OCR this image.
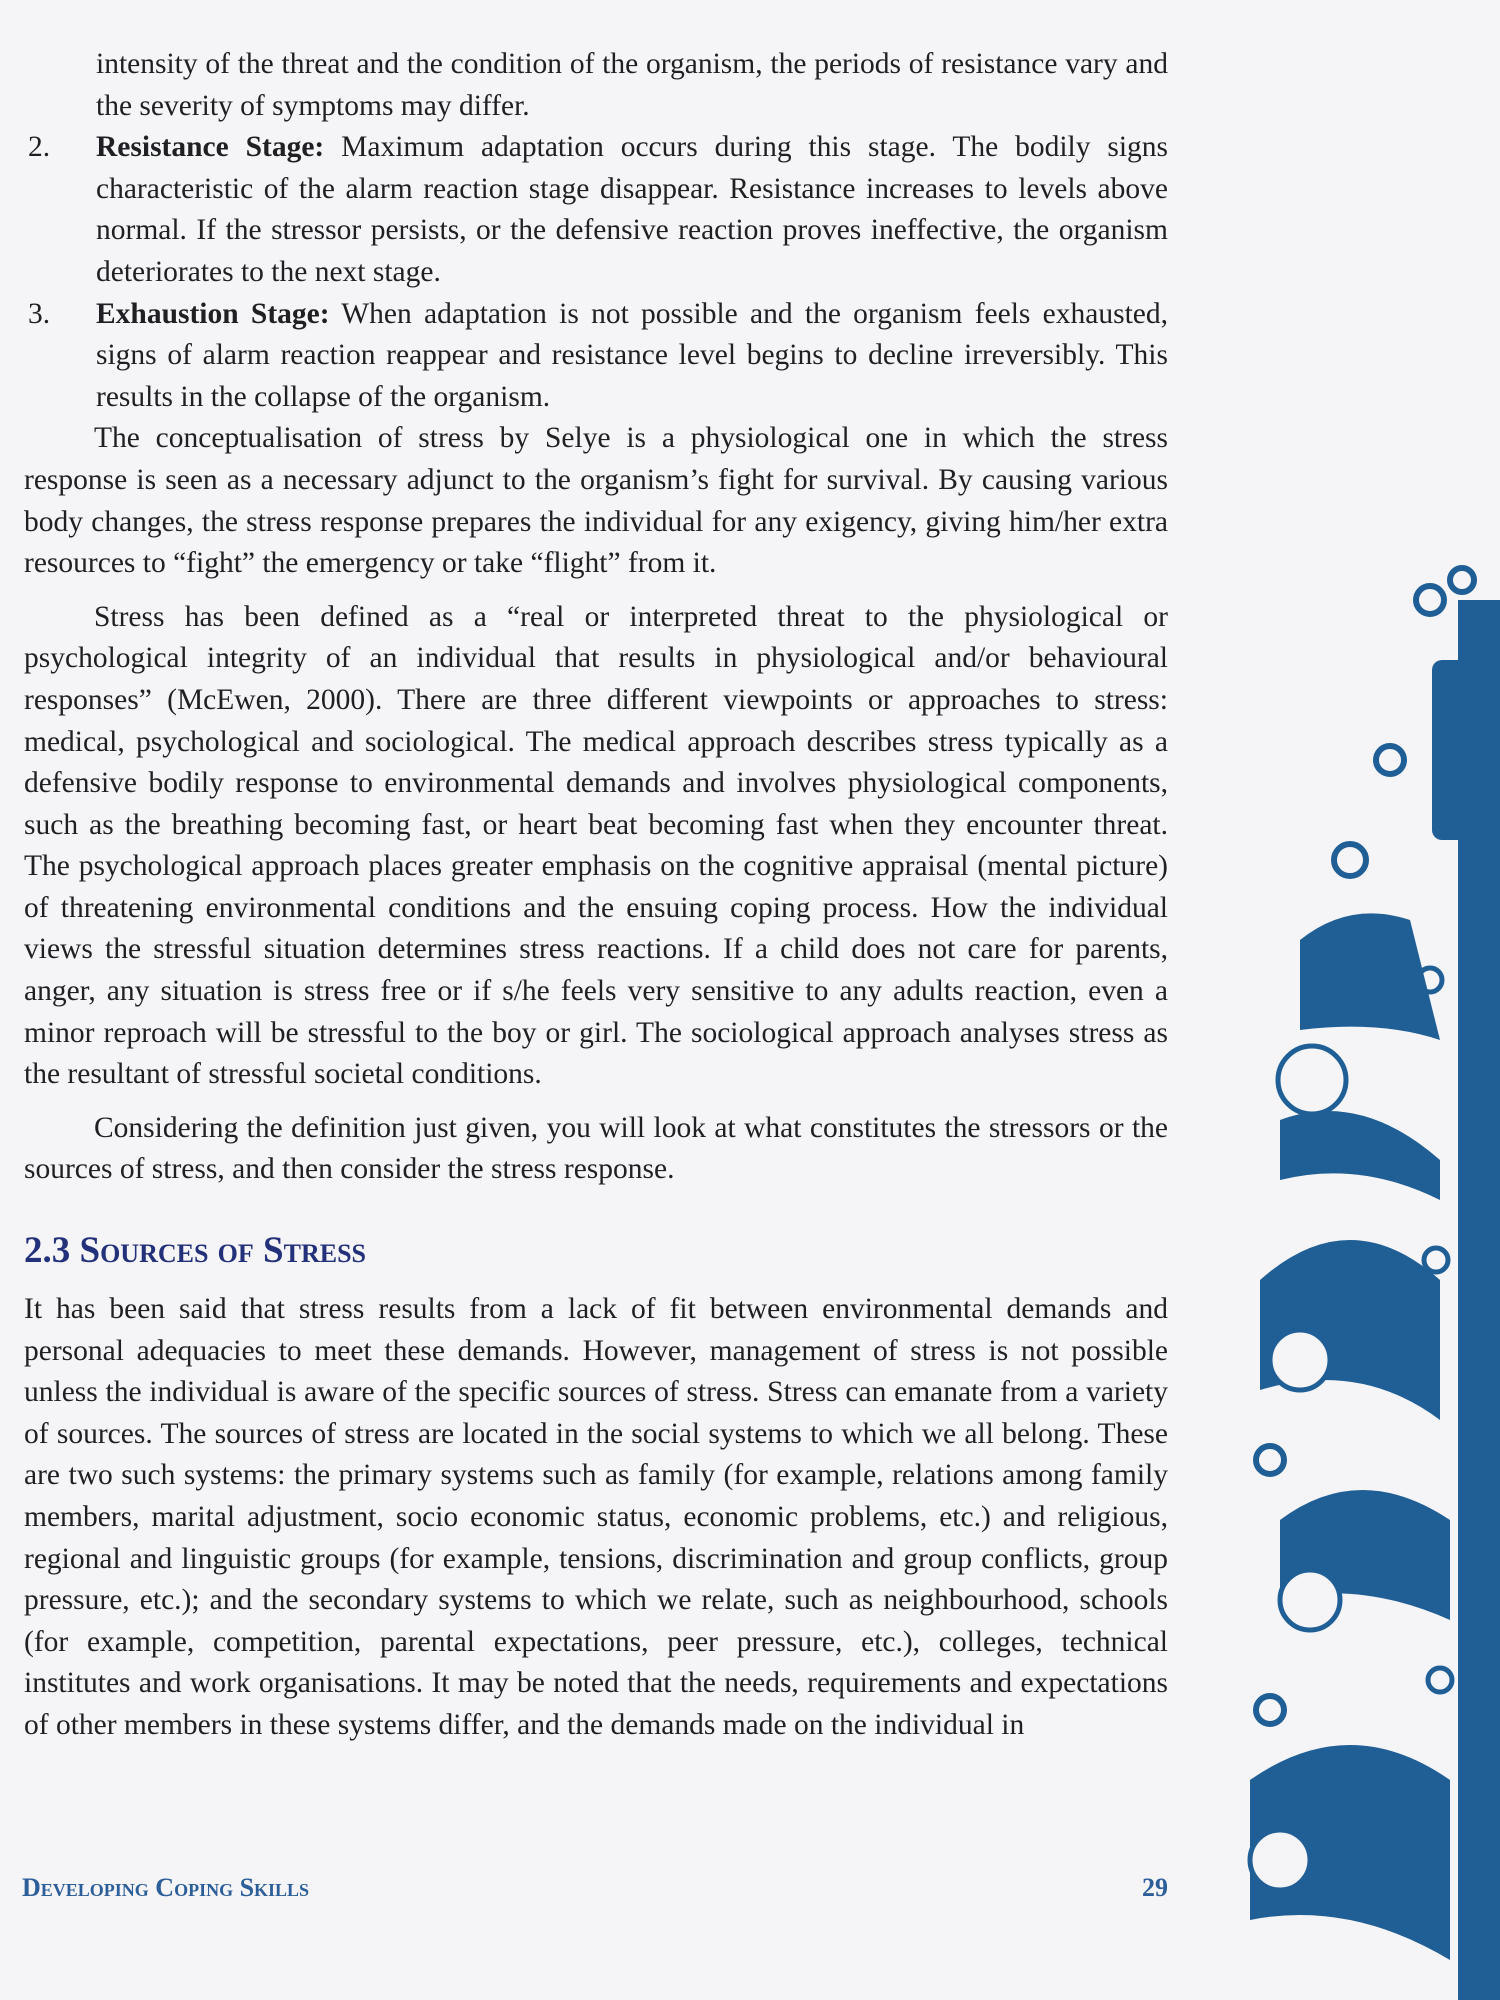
intensity of the threat and the condition of the organism, the periods of resistance vary and the severity of symptoms may differ.

2. Resistance Stage: Maximum adaptation occurs during this stage. The bodily signs characteristic of the alarm reaction stage disappear. Resistance increases to levels above normal. If the stressor persists, or the defensive reaction proves ineffective, the organism deteriorates to the next stage.

3. Exhaustion Stage: When adaptation is not possible and the organism feels exhausted, signs of alarm reaction reappear and resistance level begins to decline irreversibly. This results in the collapse of the organism.

The conceptualisation of stress by Selye is a physiological one in which the stress response is seen as a necessary adjunct to the organism’s fight for survival. By causing various body changes, the stress response prepares the individual for any exigency, giving him/her extra resources to “fight” the emergency or take “flight” from it.

Stress has been defined as a “real or interpreted threat to the physiological or psychological integrity of an individual that results in physiological and/or behavioural responses” (McEwen, 2000). There are three different viewpoints or approaches to stress: medical, psychological and sociological. The medical approach describes stress typically as a defensive bodily response to environmental demands and involves physiological components, such as the breathing becoming fast, or heart beat becoming fast when they encounter threat. The psychological approach places greater emphasis on the cognitive appraisal (mental picture) of threatening environmental conditions and the ensuing coping process. How the individual views the stressful situation determines stress reactions. If a child does not care for parents, anger, any situation is stress free or if s/he feels very sensitive to any adults reaction, even a minor reproach will be stressful to the boy or girl. The sociological approach analyses stress as the resultant of stressful societal conditions.

Considering the definition just given, you will look at what constitutes the stressors or the sources of stress, and then consider the stress response.

2.3 Sources of Stress

It has been said that stress results from a lack of fit between environmental demands and personal adequacies to meet these demands. However, management of stress is not possible unless the individual is aware of the specific sources of stress. Stress can emanate from a variety of sources. The sources of stress are located in the social systems to which we all belong. These are two such systems: the primary systems such as family (for example, relations among family members, marital adjustment, socio economic status, economic problems, etc.) and religious, regional and linguistic groups (for example, tensions, discrimination and group conflicts, group pressure, etc.); and the secondary systems to which we relate, such as neighbourhood, schools (for example, competition, parental expectations, peer pressure, etc.), colleges, technical institutes and work organisations. It may be noted that the needs, requirements and expectations of other members in these systems differ, and the demands made on the individual in

Developing Coping Skills	29
